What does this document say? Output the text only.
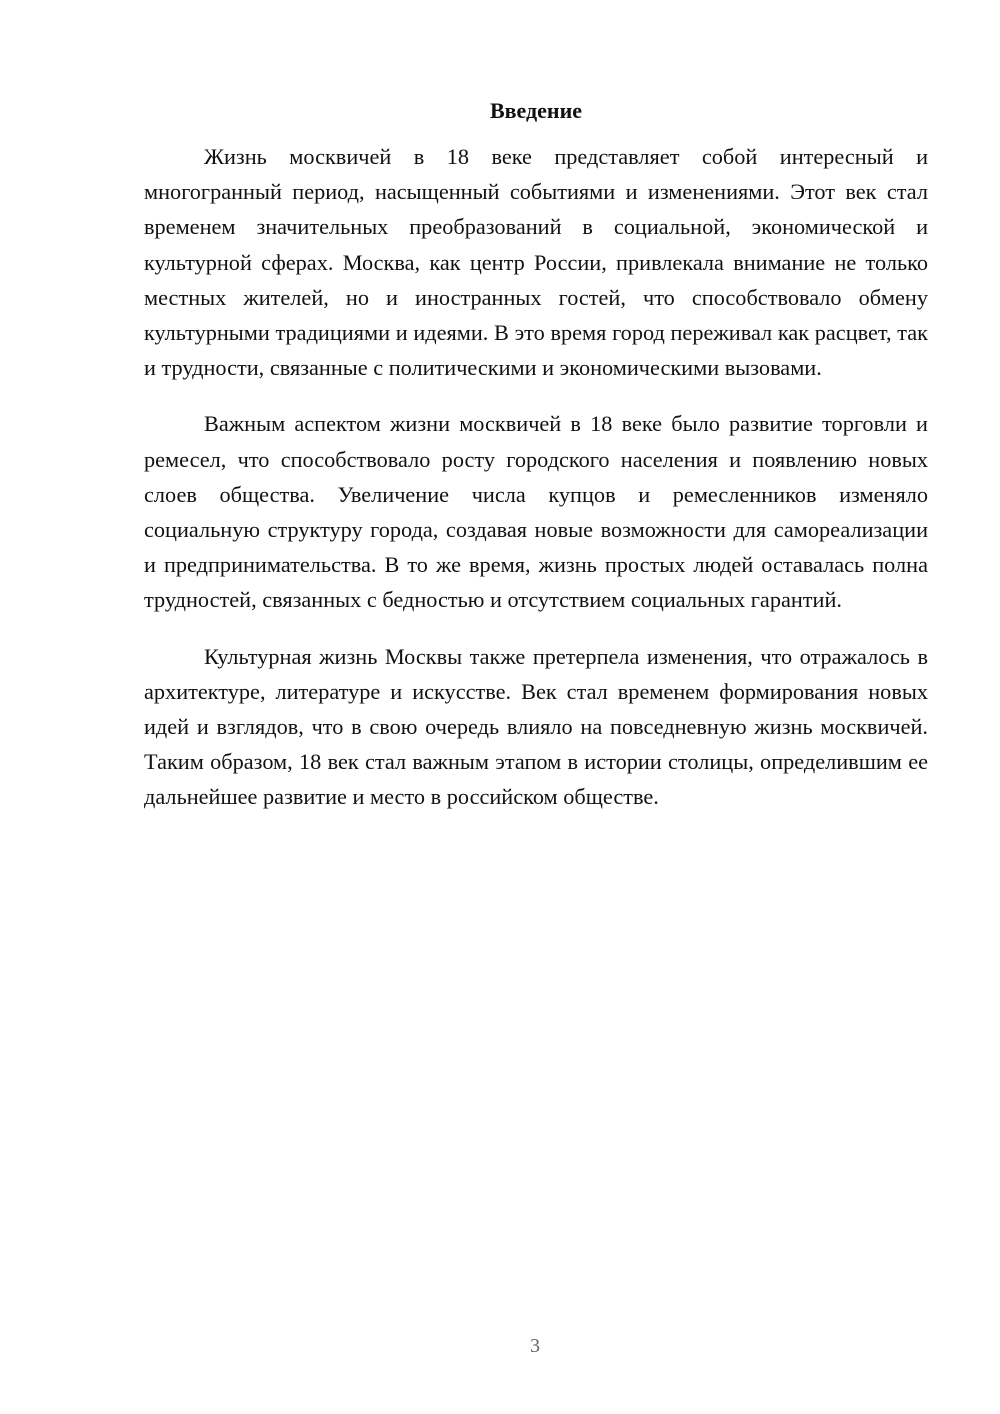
Введение

Жизнь москвичей в 18 веке представляет собой интересный и многогранный период, насыщенный событиями и изменениями. Этот век стал временем значительных преобразований в социальной, экономической и культурной сферах. Москва, как центр России, привлекала внимание не только местных жителей, но и иностранных гостей, что способствовало обмену культурными традициями и идеями. В это время город переживал как расцвет, так и трудности, связанные с политическими и экономическими вызовами.

Важным аспектом жизни москвичей в 18 веке было развитие торговли и ремесел, что способствовало росту городского населения и появлению новых слоев общества. Увеличение числа купцов и ремесленников изменяло социальную структуру города, создавая новые возможности для самореализации и предпринимательства. В то же время, жизнь простых людей оставалась полна трудностей, связанных с бедностью и отсутствием социальных гарантий.

Культурная жизнь Москвы также претерпела изменения, что отражалось в архитектуре, литературе и искусстве. Век стал временем формирования новых идей и взглядов, что в свою очередь влияло на повседневную жизнь москвичей. Таким образом, 18 век стал важным этапом в истории столицы, определившим ее дальнейшее развитие и место в российском обществе.

3
